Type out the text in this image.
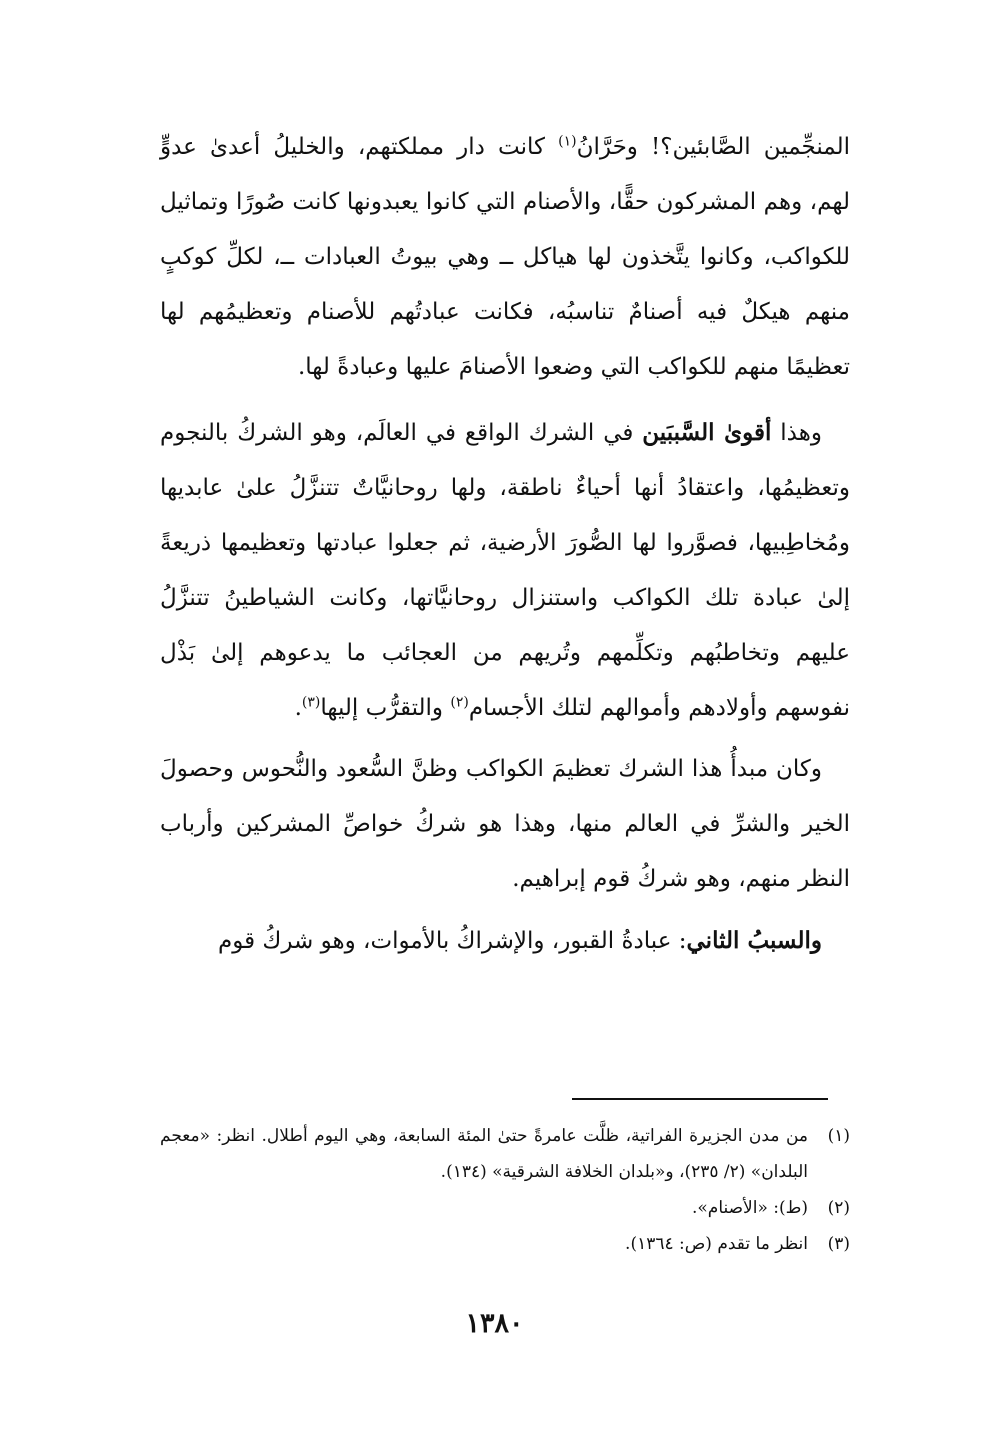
المنجِّمين الصَّابئين؟! وحَرَّانُ$^{(١)}$ كانت دار مملكتهم، والخليلُ أعدىٰ عدوٍّ لهم، وهم المشركون حقًّا، والأصنام التي كانوا يعبدونها كانت صُورًا وتماثيل للكواكب، وكانوا يتَّخذون لها هياكل ــ وهي بيوتُ العبادات ــ، لكلِّ كوكبٍ منهم هيكلٌ فيه أصنامٌ تناسبُه، فكانت عبادتُهم للأصنام وتعظيمُهم لها تعظيمًا منهم للكواكب التي وضعوا الأصنامَ عليها وعبادةً لها.

وهذا أقوىٰ السَّببَين في الشرك الواقع في العالَم، وهو الشركُ بالنجوم وتعظيمُها، واعتقادُ أنها أحياءٌ ناطقة، ولها روحانيَّاتٌ تتنزَّلُ علىٰ عابديها ومُخاطِبيها، فصوَّروا لها الصُّورَ الأرضية، ثم جعلوا عبادتها وتعظيمها ذريعةً إلىٰ عبادة تلك الكواكب واستنزال روحانيَّاتها، وكانت الشياطينُ تتنزَّلُ عليهم وتخاطبُهم وتكلِّمهم وتُريهم من العجائب ما يدعوهم إلىٰ بَذْل نفوسهم وأولادهم وأموالهم لتلك الأجسام$^{(٢)}$ والتقرُّب إليها$^{(٣)}$.

وكان مبدأُ هذا الشرك تعظيمَ الكواكب وظنَّ السُّعود والنُّحوس وحصولَ الخير والشرِّ في العالم منها، وهذا هو شركُ خواصِّ المشركين وأرباب النظر منهم، وهو شركُ قوم إبراهيم.

والسببُ الثاني: عبادةُ القبور، والإشراكُ بالأموات، وهو شركُ قوم

(١)
من مدن الجزيرة الفراتية، ظلَّت عامرةً حتىٰ المئة السابعة، وهي اليوم أطلال. انظر: «معجم البلدان» (٢/ ٢٣٥)، و«بلدان الخلافة الشرقية» (١٣٤).
(٢)
(ط): «الأصنام».
(٣)
انظر ما تقدم (ص: ١٣٦٤).
١٣٨٠
